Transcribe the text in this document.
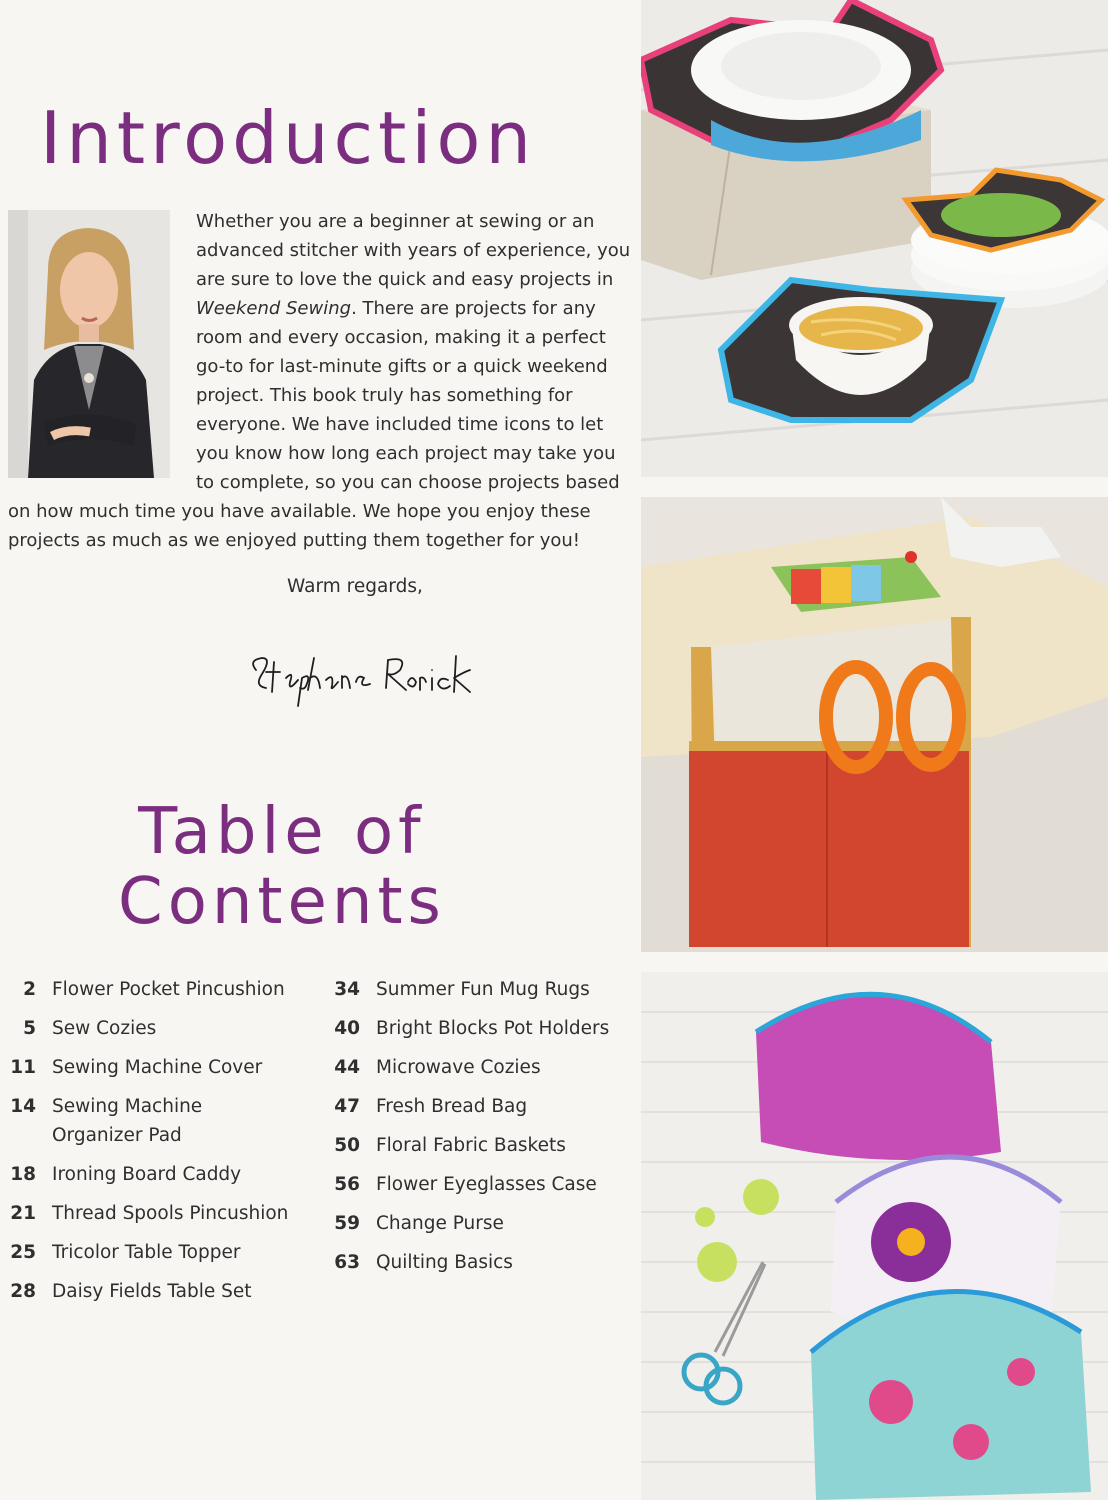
Introduction

Whether you are a beginner at sewing or an advanced stitcher with years of experience, you are sure to love the quick and easy projects in Weekend Sewing. There are projects for any room and every occasion, making it a perfect go-to for last-minute gifts or a quick weekend project. This book truly has something for everyone. We have included time icons to let you know how long each project may take you to complete, so you can choose projects based

on how much time you have available. We hope you enjoy these projects as much as we enjoyed putting them together for you!

Warm regards,
Table of
Contents
2 Flower Pocket Pincushion
5 Sew Cozies
11 Sewing Machine Cover
14 Sewing Machine Organizer Pad
18 Ironing Board Caddy
21 Thread Spools Pincushion
25 Tricolor Table Topper
28 Daisy Fields Table Set
34 Summer Fun Mug Rugs
40 Bright Blocks Pot Holders
44 Microwave Cozies
47 Fresh Bread Bag
50 Floral Fabric Baskets
56 Flower Eyeglasses Case
59 Change Purse
63 Quilting Basics
